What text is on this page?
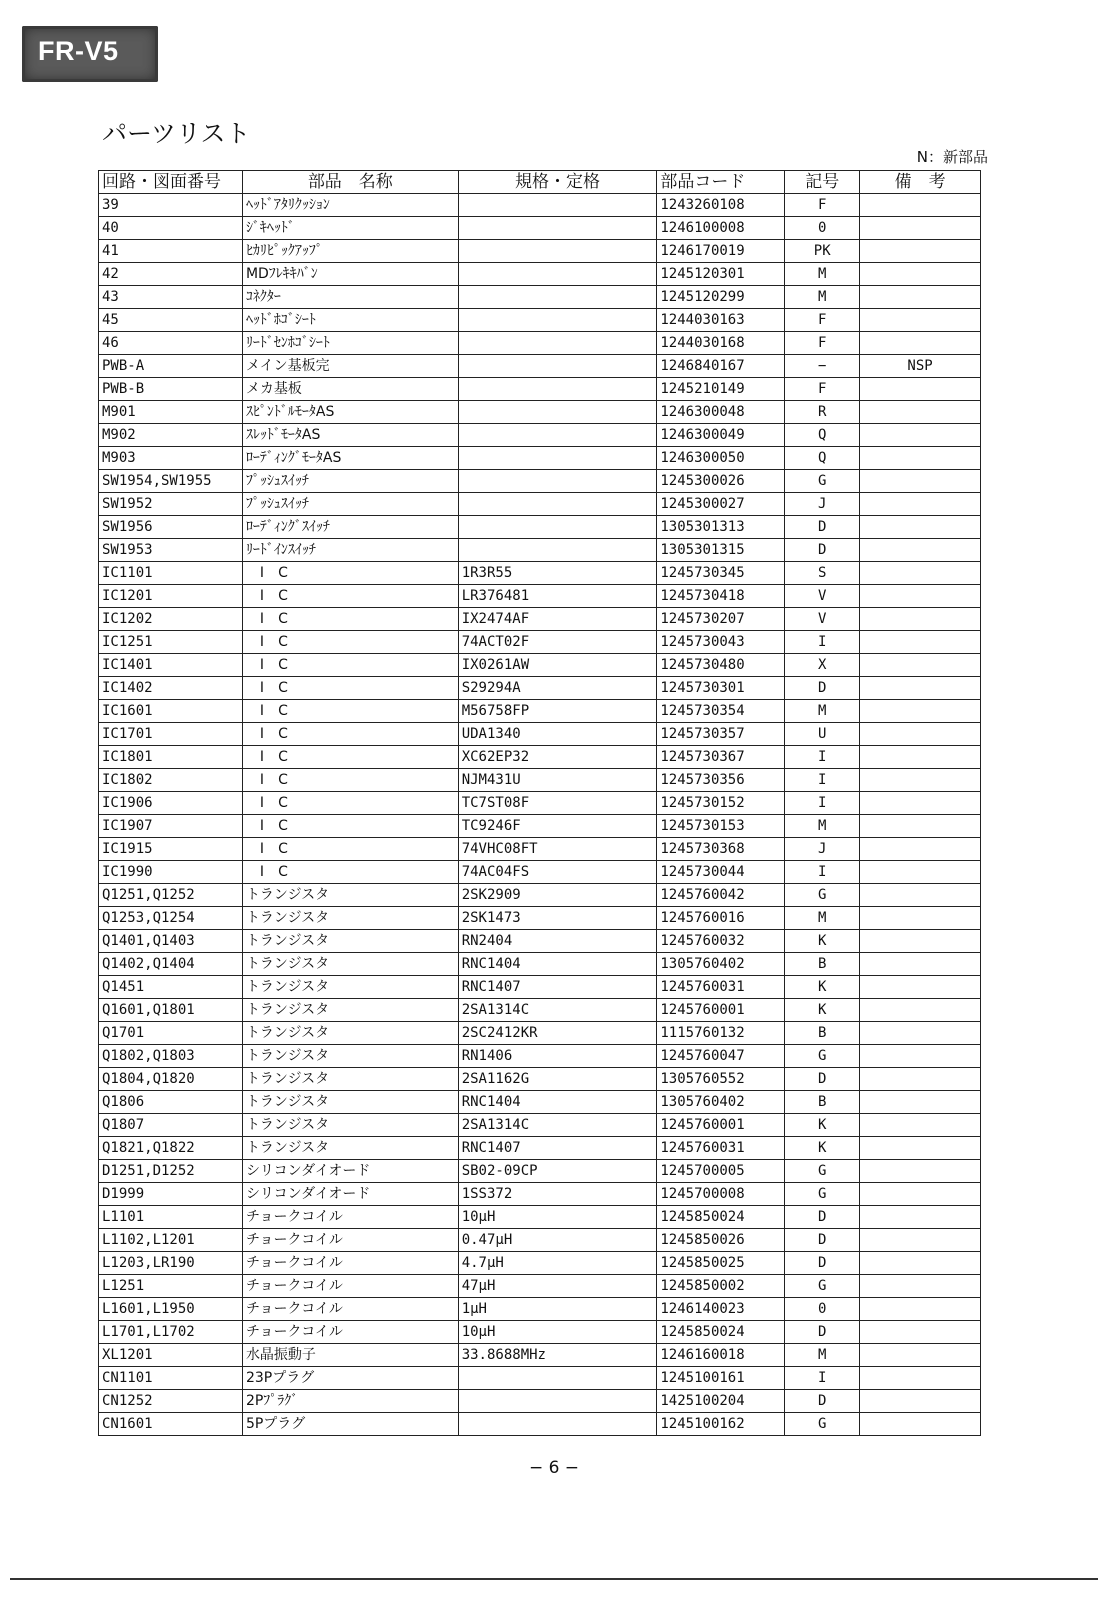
FR-V5
パーツリスト
N：新部品
回路・図面番号	部品　名称	規格・定格	部品コード	記号	備　考
39	ﾍｯﾄﾞｱﾀﾘｸｯｼｮﾝ		1243260108	F	
40	ｼﾞｷﾍｯﾄﾞ		1246100008	0	
41	ﾋｶﾘﾋﾟｯｸｱｯﾌﾟ		1246170019	PK	
42	MDﾌﾚｷｷﾊﾞﾝ		1245120301	M	
43	ｺﾈｸﾀｰ		1245120299	M	
45	ﾍｯﾄﾞﾎｺﾞｼｰﾄ		1244030163	F	
46	ﾘｰﾄﾞｾﾝﾎｺﾞｼｰﾄ		1244030168	F	
PWB-A	メイン基板完		1246840167	−	NSP
PWB-B	メカ基板		1245210149	F	
M901	ｽﾋﾟﾝﾄﾞﾙﾓｰﾀAS		1246300048	R	
M902	ｽﾚｯﾄﾞﾓｰﾀAS		1246300049	Q	
M903	ﾛｰﾃﾞｨﾝｸﾞﾓｰﾀAS		1246300050	Q	
SW1954,SW1955	ﾌﾟｯｼｭｽｲｯﾁ		1245300026	G	
SW1952	ﾌﾟｯｼｭｽｲｯﾁ		1245300027	J	
SW1956	ﾛｰﾃﾞｨﾝｸﾞｽｲｯﾁ		1305301313	D	
SW1953	ﾘｰﾄﾞｲﾝｽｲｯﾁ		1305301315	D	
IC1101	　I　C	1R3R55	1245730345	S	
IC1201	　I　C	LR376481	1245730418	V	
IC1202	　I　C	IX2474AF	1245730207	V	
IC1251	　I　C	74ACT02F	1245730043	I	
IC1401	　I　C	IX0261AW	1245730480	X	
IC1402	　I　C	S29294A	1245730301	D	
IC1601	　I　C	M56758FP	1245730354	M	
IC1701	　I　C	UDA1340	1245730357	U	
IC1801	　I　C	XC62EP32	1245730367	I	
IC1802	　I　C	NJM431U	1245730356	I	
IC1906	　I　C	TC7ST08F	1245730152	I	
IC1907	　I　C	TC9246F	1245730153	M	
IC1915	　I　C	74VHC08FT	1245730368	J	
IC1990	　I　C	74AC04FS	1245730044	I	
Q1251,Q1252	トランジスタ	2SK2909	1245760042	G	
Q1253,Q1254	トランジスタ	2SK1473	1245760016	M	
Q1401,Q1403	トランジスタ	RN2404	1245760032	K	
Q1402,Q1404	トランジスタ	RNC1404	1305760402	B	
Q1451	トランジスタ	RNC1407	1245760031	K	
Q1601,Q1801	トランジスタ	2SA1314C	1245760001	K	
Q1701	トランジスタ	2SC2412KR	1115760132	B	
Q1802,Q1803	トランジスタ	RN1406	1245760047	G	
Q1804,Q1820	トランジスタ	2SA1162G	1305760552	D	
Q1806	トランジスタ	RNC1404	1305760402	B	
Q1807	トランジスタ	2SA1314C	1245760001	K	
Q1821,Q1822	トランジスタ	RNC1407	1245760031	K	
D1251,D1252	シリコンダイオード	SB02-09CP	1245700005	G	
D1999	シリコンダイオード	1SS372	1245700008	G	
L1101	チョークコイル	10μH	1245850024	D	
L1102,L1201	チョークコイル	0.47μH	1245850026	D	
L1203,LR190	チョークコイル	4.7μH	1245850025	D	
L1251	チョークコイル	47μH	1245850002	G	
L1601,L1950	チョークコイル	1μH	1246140023	0	
L1701,L1702	チョークコイル	10μH	1245850024	D	
XL1201	水晶振動子	33.8688MHz	1246160018	M	
CN1101	23Pプラグ		1245100161	I	
CN1252	2Pﾌﾟﾗｸﾞ		1425100204	D	
CN1601	5Pプラグ		1245100162	G	
− 6 −
